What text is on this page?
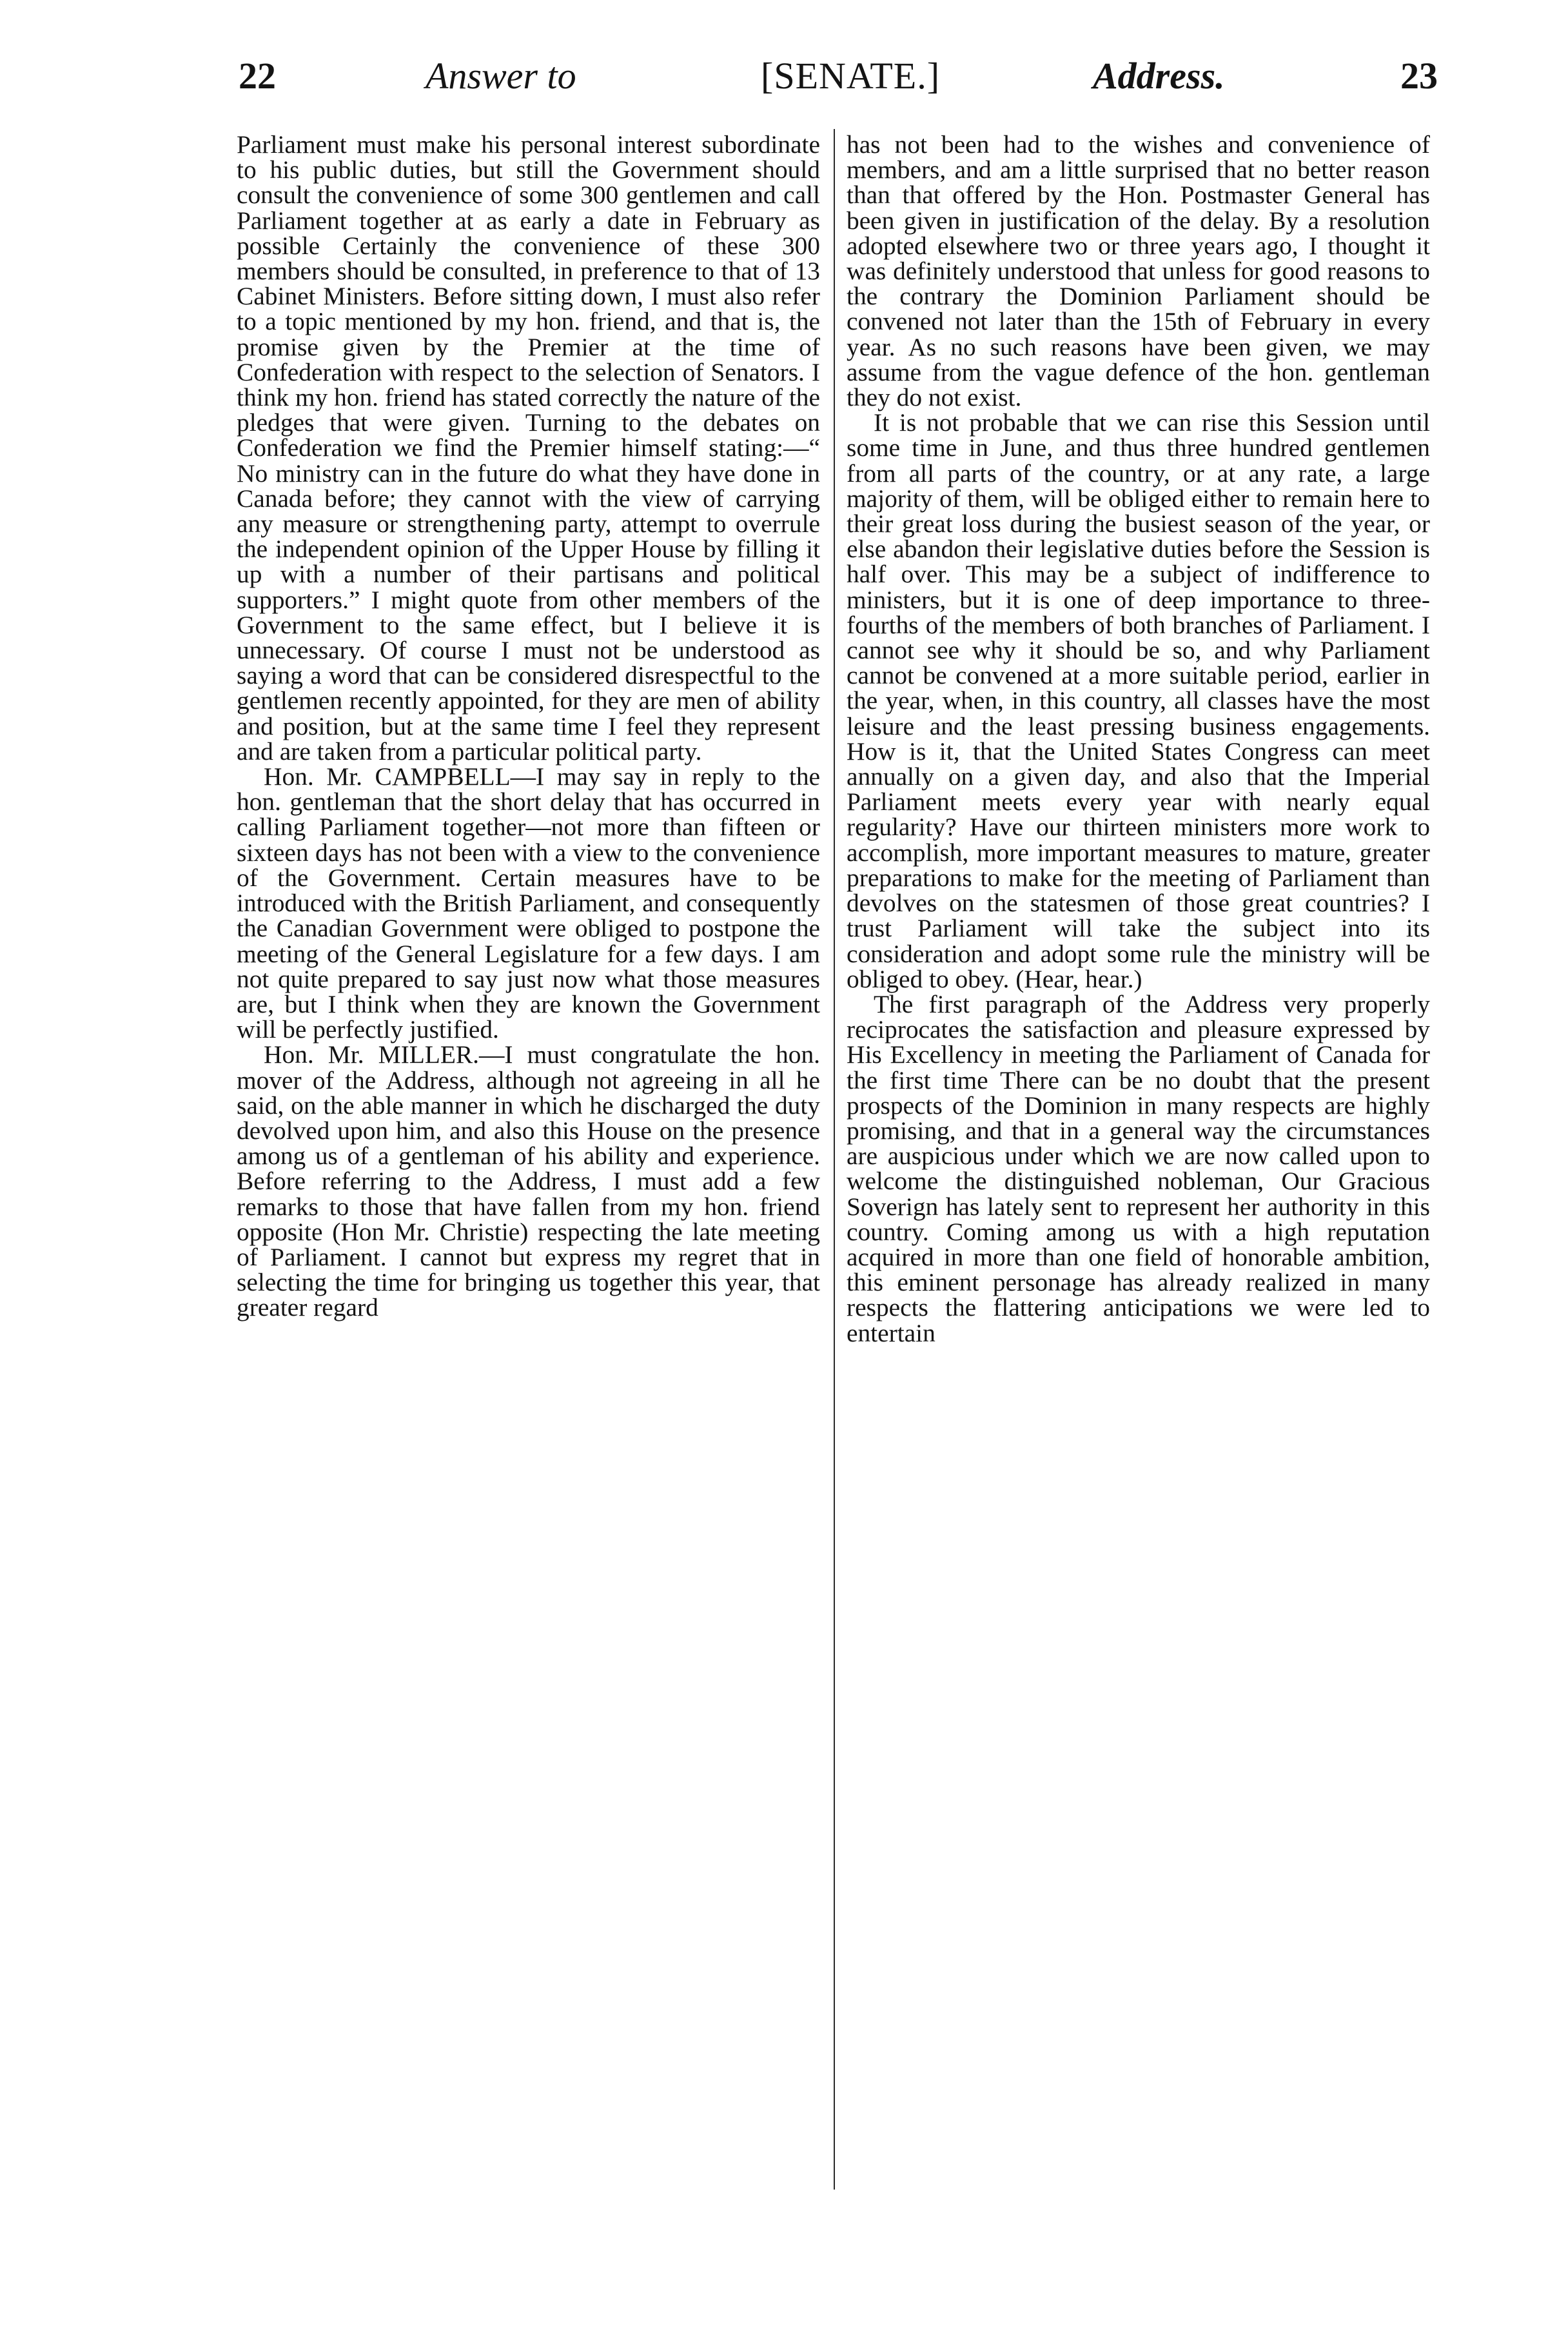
22	Answer to	[SENATE.]	Address.	23

Parliament must make his personal interest subordinate to his public duties, but still the Government should consult the convenience of some 300 gentlemen and call Parliament together at as early a date in February as possible Certainly the convenience of these 300 members should be consulted, in preference to that of 13 Cabinet Ministers. Before sitting down, I must also refer to a topic mentioned by my hon. friend, and that is, the promise given by the Premier at the time of Confederation with respect to the selection of Senators. I think my hon. friend has stated correctly the nature of the pledges that were given. Turning to the debates on Confederation we find the Premier himself stating:—“ No ministry can in the future do what they have done in Canada before; they cannot with the view of carrying any measure or strengthening party, attempt to overrule the independent opinion of the Upper House by filling it up with a number of their partisans and political supporters.” I might quote from other members of the Government to the same effect, but I believe it is unnecessary. Of course I must not be understood as saying a word that can be considered disrespectful to the gentlemen recently appointed, for they are men of ability and position, but at the same time I feel they represent and are taken from a particular political party.

Hon. Mr. CAMPBELL—I may say in reply to the hon. gentleman that the short delay that has occurred in calling Parliament together—not more than fifteen or sixteen days has not been with a view to the convenience of the Government. Certain measures have to be introduced with the British Parliament, and consequently the Canadian Government were obliged to postpone the meeting of the General Legislature for a few days. I am not quite prepared to say just now what those measures are, but I think when they are known the Government will be perfectly justified.

Hon. Mr. MILLER.—I must congratulate the hon. mover of the Address, although not agreeing in all he said, on the able manner in which he discharged the duty devolved upon him, and also this House on the presence among us of a gentleman of his ability and experience. Before referring to the Address, I must add a few remarks to those that have fallen from my hon. friend opposite (Hon Mr. Christie) respecting the late meeting of Parliament. I cannot but express my regret that in selecting the time for bringing us together this year, that greater regard

has not been had to the wishes and convenience of members, and am a little surprised that no better reason than that offered by the Hon. Postmaster General has been given in justification of the delay. By a resolution adopted elsewhere two or three years ago, I thought it was definitely understood that unless for good reasons to the contrary the Dominion Parliament should be convened not later than the 15th of February in every year. As no such reasons have been given, we may assume from the vague defence of the hon. gentleman they do not exist.

It is not probable that we can rise this Session until some time in June, and thus three hundred gentlemen from all parts of the country, or at any rate, a large majority of them, will be obliged either to remain here to their great loss during the busiest season of the year, or else abandon their legislative duties before the Session is half over. This may be a subject of indifference to ministers, but it is one of deep importance to three-fourths of the members of both branches of Parliament. I cannot see why it should be so, and why Parliament cannot be convened at a more suitable period, earlier in the year, when, in this country, all classes have the most leisure and the least pressing business engagements. How is it, that the United States Congress can meet annually on a given day, and also that the Imperial Parliament meets every year with nearly equal regularity? Have our thirteen ministers more work to accomplish, more important measures to mature, greater preparations to make for the meeting of Parliament than devolves on the statesmen of those great countries? I trust Parliament will take the subject into its consideration and adopt some rule the ministry will be obliged to obey. (Hear, hear.)

The first paragraph of the Address very properly reciprocates the satisfaction and pleasure expressed by His Excellency in meeting the Parliament of Canada for the first time There can be no doubt that the present prospects of the Dominion in many respects are highly promising, and that in a general way the circumstances are auspicious under which we are now called upon to welcome the distinguished nobleman, Our Gracious Soverign has lately sent to represent her authority in this country. Coming among us with a high reputation acquired in more than one field of honorable ambition, this eminent personage has already realized in many respects the flattering anticipations we were led to entertain
